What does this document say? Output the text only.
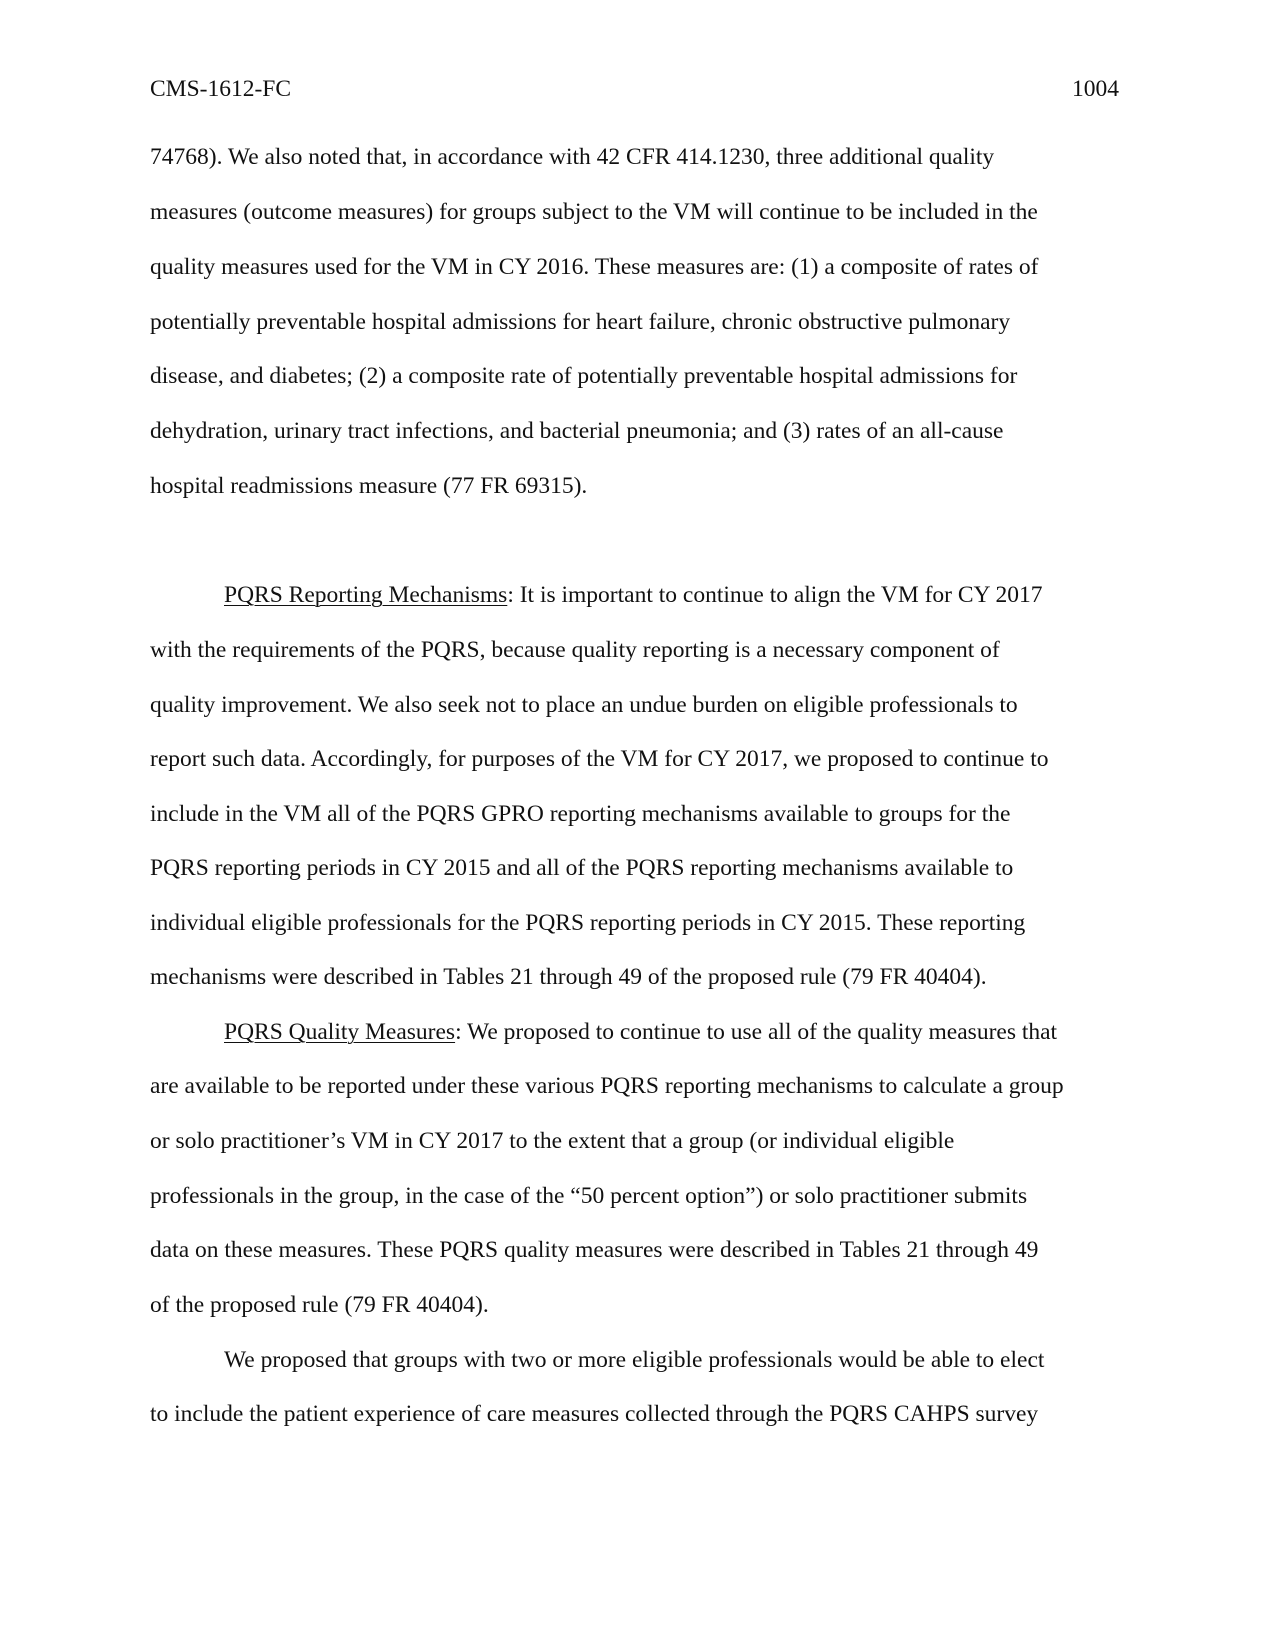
CMS-1612-FC	1004
74768). We also noted that, in accordance with 42 CFR 414.1230, three additional quality
measures (outcome measures) for groups subject to the VM will continue to be included in the
quality measures used for the VM in CY 2016. These measures are: (1) a composite of rates of
potentially preventable hospital admissions for heart failure, chronic obstructive pulmonary
disease, and diabetes; (2) a composite rate of potentially preventable hospital admissions for
dehydration, urinary tract infections, and bacterial pneumonia; and (3) rates of an all-cause
hospital readmissions measure (77 FR 69315).
PQRS Reporting Mechanisms: It is important to continue to align the VM for CY 2017
with the requirements of the PQRS, because quality reporting is a necessary component of
quality improvement. We also seek not to place an undue burden on eligible professionals to
report such data. Accordingly, for purposes of the VM for CY 2017, we proposed to continue to
include in the VM all of the PQRS GPRO reporting mechanisms available to groups for the
PQRS reporting periods in CY 2015 and all of the PQRS reporting mechanisms available to
individual eligible professionals for the PQRS reporting periods in CY 2015. These reporting
mechanisms were described in Tables 21 through 49 of the proposed rule (79 FR 40404).
PQRS Quality Measures: We proposed to continue to use all of the quality measures that
are available to be reported under these various PQRS reporting mechanisms to calculate a group
or solo practitioner’s VM in CY 2017 to the extent that a group (or individual eligible
professionals in the group, in the case of the “50 percent option”) or solo practitioner submits
data on these measures. These PQRS quality measures were described in Tables 21 through 49
of the proposed rule (79 FR 40404).
We proposed that groups with two or more eligible professionals would be able to elect
to include the patient experience of care measures collected through the PQRS CAHPS survey
